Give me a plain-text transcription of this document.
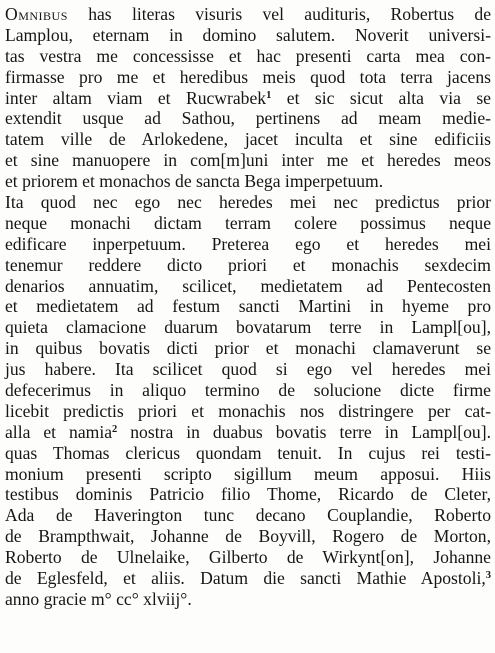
Omnibus has literas visuris vel audituris, Robertus de
Lamplou, eternam in domino salutem. Noverit universi-
tas vestra me concessisse et hac presenti carta mea con-
firmasse pro me et heredibus meis quod tota terra jacens
inter altam viam et Rucwrabek$^1$ et sic sicut alta via se
extendit usque ad Sathou, pertinens ad meam medie-
tatem ville de Arlokedene, jacet inculta et sine edificiis
et sine manuopere in com[m]uni inter me et heredes meos
et priorem et monachos de sancta Bega imperpetuum.
Ita quod nec ego nec heredes mei nec predictus prior
neque monachi dictam terram colere possimus neque
edificare inperpetuum. Preterea ego et heredes mei
tenemur reddere dicto priori et monachis sexdecim
denarios annuatim, scilicet, medietatem ad Pentecosten
et medietatem ad festum sancti Martini in hyeme pro
quieta clamacione duarum bovatarum terre in Lampl[ou],
in quibus bovatis dicti prior et monachi clamaverunt se
jus habere. Ita scilicet quod si ego vel heredes mei
defecerimus in aliquo termino de solucione dicte firme
licebit predictis priori et monachis nos distringere per cat-
alla et namia$^2$ nostra in duabus bovatis terre in Lampl[ou].
quas Thomas clericus quondam tenuit. In cujus rei testi-
monium presenti scripto sigillum meum apposui. Hiis
testibus dominis Patricio filio Thome, Ricardo de Cleter,
Ada de Haverington tunc decano Couplandie, Roberto
de Brampthwait, Johanne de Boyvill, Rogero de Morton,
Roberto de Ulnelaike, Gilberto de Wirkynt[on], Johanne
de Eglesfeld, et aliis. Datum die sancti Mathie Apostoli,$^3$
anno gracie m° cc° xlviij°.
